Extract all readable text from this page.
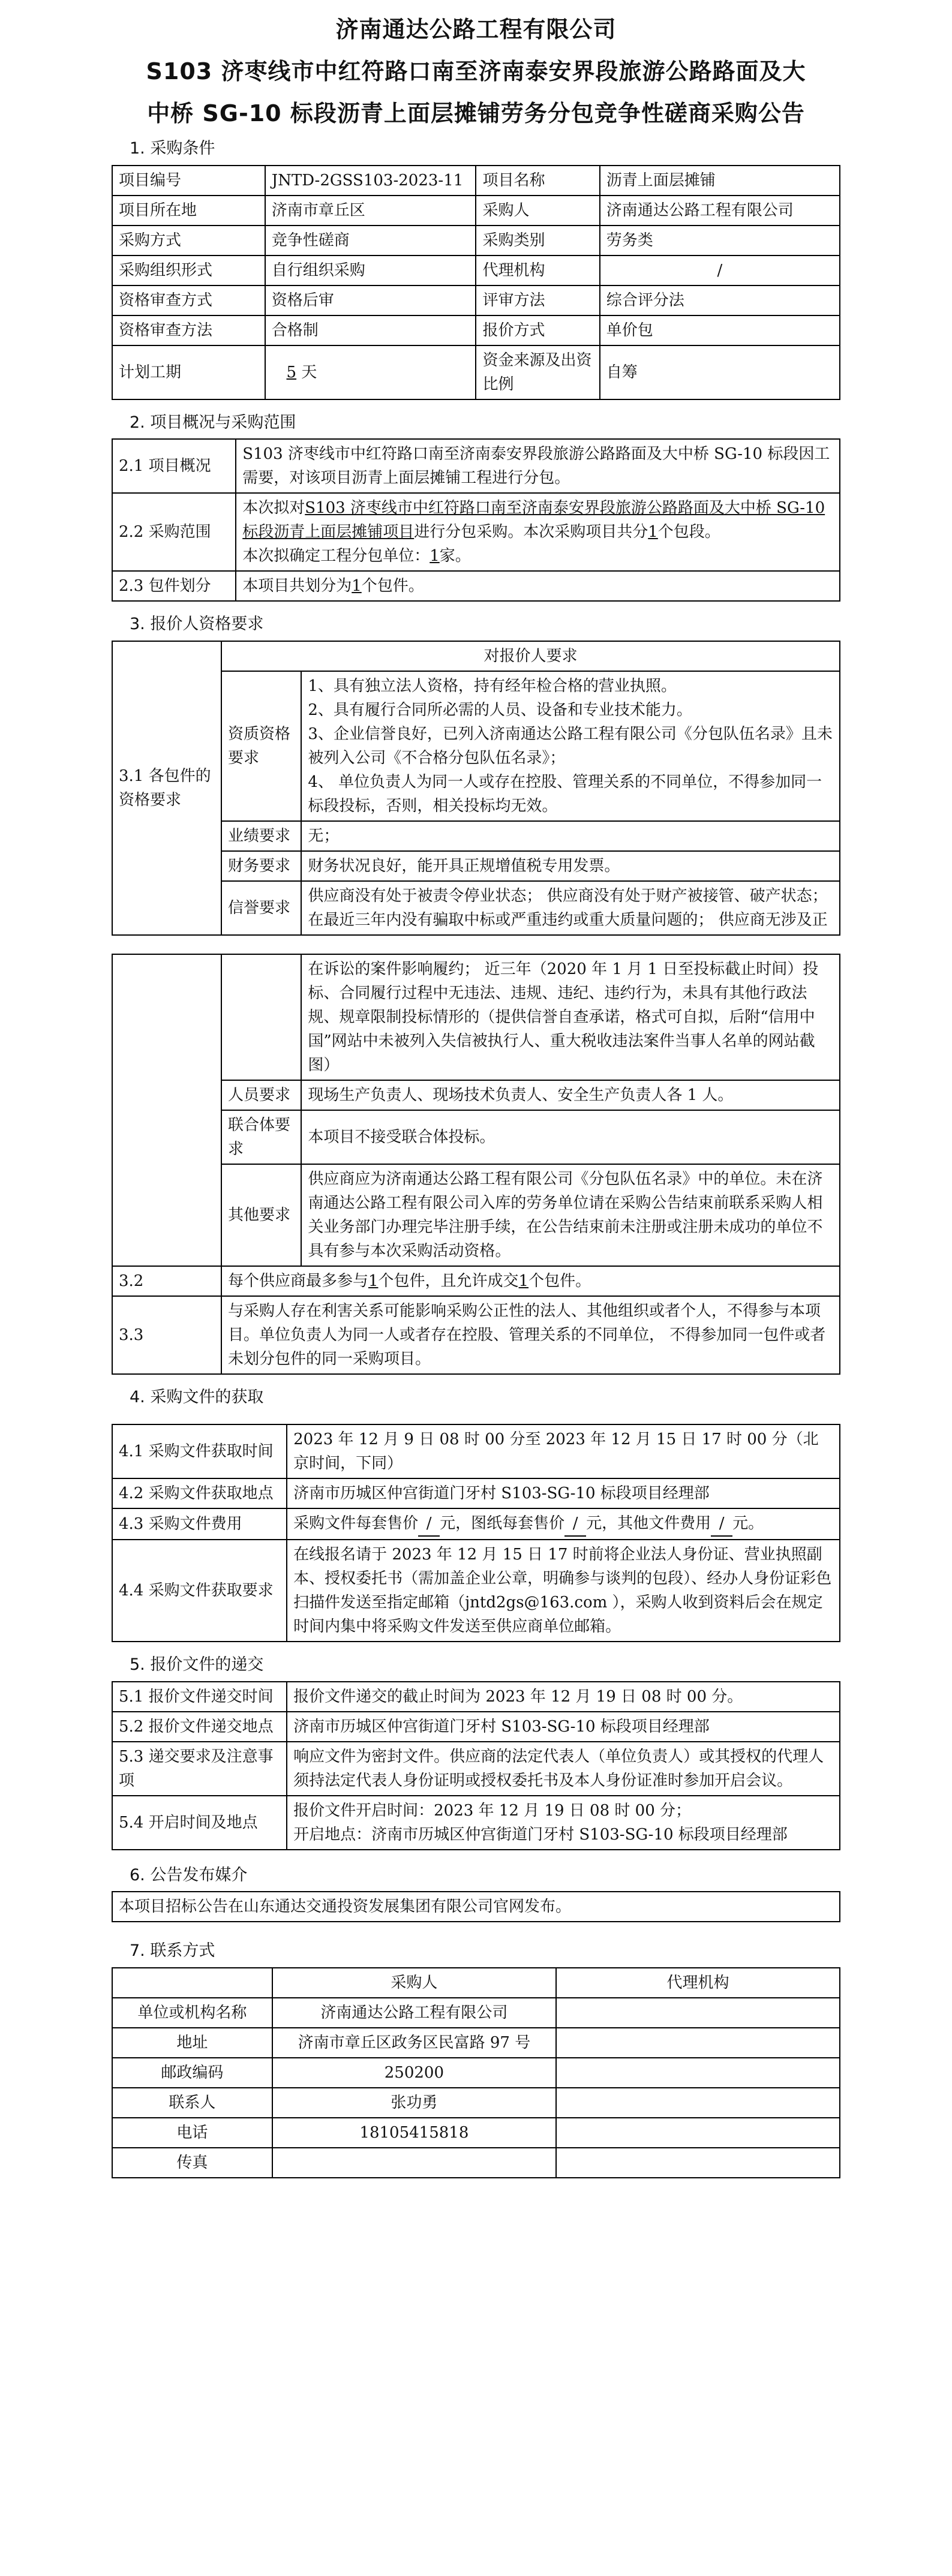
济南通达公路工程有限公司
S103 济枣线市中红符路口南至济南泰安界段旅游公路路面及大
中桥 SG-10 标段沥青上面层摊铺劳务分包竞争性磋商采购公告
1. 采购条件
项目编号	JNTD-2GSS103-2023-11	项目名称	沥青上面层摊铺
项目所在地	济南市章丘区	采购人	济南通达公路工程有限公司
采购方式	竞争性磋商	采购类别	劳务类
采购组织形式	自行组织采购	代理机构	/
资格审查方式	资格后审	评审方法	综合评分法
资格审查方法	合格制	报价方式	单价包
计划工期	5 天	资金来源及出资比例	自筹
2. 项目概况与采购范围
2.1 项目概况	S103 济枣线市中红符路口南至济南泰安界段旅游公路路面及大中桥 SG-10 标段因工需要，对该项目沥青上面层摊铺工程进行分包。
2.2 采购范围	本次拟对S103 济枣线市中红符路口南至济南泰安界段旅游公路路面及大中桥 SG-10 标段沥青上面层摊铺项目进行分包采购。本次采购项目共分1个包段。
本次拟确定工程分包单位：1家。
2.3 包件划分	本项目共划分为1个包件。
3. 报价人资格要求
3.1 各包件的资格要求	对报价人要求	
	资质资格要求	1、具有独立法人资格，持有经年检合格的营业执照。
2、具有履行合同所必需的人员、设备和专业技术能力。
3、企业信誉良好，已列入济南通达公路工程有限公司《分包队伍名录》且未被列入公司《不合格分包队伍名录》；
4、 单位负责人为同一人或存在控股、管理关系的不同单位，不得参加同一标段投标，否则，相关投标均无效。

	业绩要求	无；
	财务要求	财务状况良好，能开具正规增值税专用发票。
	信誉要求	供应商没有处于被责令停业状态； 供应商没有处于财产被接管、破产状态；在最近三年内没有骗取中标或严重违约或重大质量问题的； 供应商无涉及正
		在诉讼的案件影响履约； 近三年（2020 年 1 月 1 日至投标截止时间）投标、合同履行过程中无违法、违规、违纪、违约行为，未具有其他行政法规、规章限制投标情形的（提供信誉自查承诺，格式可自拟，后附“信用中国”网站中未被列入失信被执行人、重大税收违法案件当事人名单的网站截图）
	人员要求	现场生产负责人、现场技术负责人、安全生产负责人各 1 人。
	联合体要求	本项目不接受联合体投标。
	其他要求	供应商应为济南通达公路工程有限公司《分包队伍名录》中的单位。未在济南通达公路工程有限公司入库的劳务单位请在采购公告结束前联系采购人相关业务部门办理完毕注册手续，在公告结束前未注册或注册未成功的单位不具有参与本次采购活动资格。
3.2	每个供应商最多参与1个包件，且允许成交1个包件。	
3.3	与采购人存在利害关系可能影响采购公正性的法人、其他组织或者个人，不得参与本项目。单位负责人为同一人或者存在控股、管理关系的不同单位， 不得参加同一包件或者未划分包件的同一采购项目。	
4. 采购文件的获取
4.1 采购文件获取时间	2023 年 12 月 9 日 08 时 00 分至 2023 年 12 月 15 日 17 时 00 分（北京时间，下同）
4.2 采购文件获取地点	济南市历城区仲宫街道门牙村 S103-SG-10 标段项目经理部
4.3 采购文件费用	采购文件每套售价 / 元，图纸每套售价 / 元，其他文件费用 / 元。
4.4 采购文件获取要求	在线报名请于 2023 年 12 月 15 日 17 时前将企业法人身份证、营业执照副本、授权委托书（需加盖企业公章，明确参与谈判的包段）、经办人身份证彩色扫描件发送至指定邮箱（jntd2gs@163.com ），采购人收到资料后会在规定时间内集中将采购文件发送至供应商单位邮箱。
5. 报价文件的递交
5.1 报价文件递交时间	报价文件递交的截止时间为 2023 年 12 月 19 日 08 时 00 分。
5.2 报价文件递交地点	济南市历城区仲宫街道门牙村 S103-SG-10 标段项目经理部
5.3 递交要求及注意事项	响应文件为密封文件。供应商的法定代表人（单位负责人）或其授权的代理人须持法定代表人身份证明或授权委托书及本人身份证准时参加开启会议。
5.4 开启时间及地点	报价文件开启时间：2023 年 12 月 19 日 08 时 00 分；
开启地点：济南市历城区仲宫街道门牙村 S103-SG-10 标段项目经理部
6. 公告发布媒介
本项目招标公告在山东通达交通投资发展集团有限公司官网发布。
7. 联系方式
	采购人	代理机构
单位或机构名称	济南通达公路工程有限公司	
地址	济南市章丘区政务区民富路 97 号	
邮政编码	250200	
联系人	张功勇	
电话	18105415818	
传真		
